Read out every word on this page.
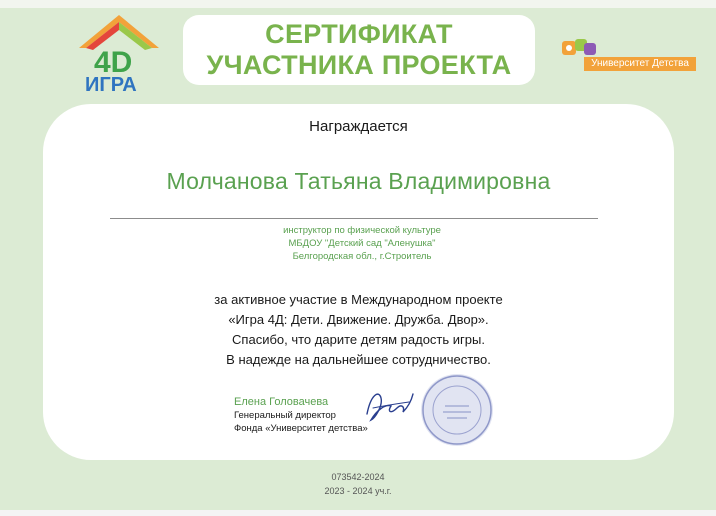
4D
ИГРА
СЕРТИФИКАТ
УЧАСТНИКА ПРОЕКТА	Университет Детства
Награждается
Молчанова Татьяна Владимировна
инструктор по физической культуре
МБДОУ "Детский сад "Аленушка"
Белгородская обл., г.Строитель
за активное участие в Международном проекте
«Игра 4Д: Дети. Движение. Дружба. Двор».
Спасибо, что дарите детям радость игры.
В надежде на дальнейшее сотрудничество.
Елена Головачева
Генеральный директор
Фонда «Университет детства»
073542-2024
2023 - 2024 уч.г.
